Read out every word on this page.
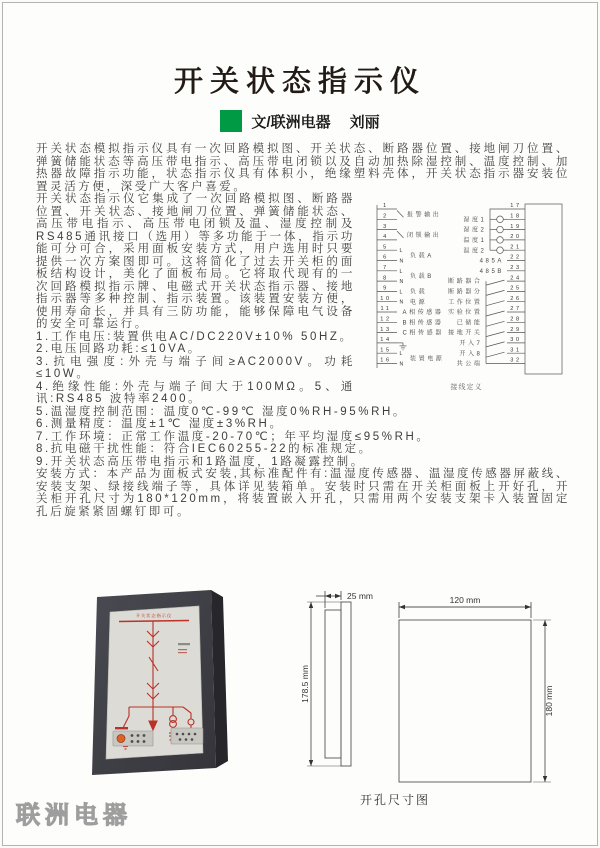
开关状态指示仪
文/联洲电器 刘丽

开关状态模拟指示仪具有一次回路模拟图、开关状态、断路器位置、接地闸刀位置、弹簧储能状态等高压带电指示、高压带电闭锁以及自动加热除湿控制、温度控制、加热器故障指示功能，状态指示仪具有体积小，绝缘塑料壳体，开关状态指示器安装位置灵活方便，深受广大客户喜爱。

1
2
3
4
5
6
7
8
9
10
11
12
13
14
15
16
L
N
L
N
L
N
L
N
报警输出
闭锁输出
负载A
负载B
负载
电源
A相传感器
B相传感器
C相传感器
装置电源
17
18
19
20
21
22
23
24
25
26
27
28
29
30
31
32
湿度1
湿度2
温度1
温度2
485A
485B
断路器合
断路器分
工作位置
实验位置
已储能
接地开关
开入7
开入8
共公端
接线定义

开关状态指示仪它集成了一次回路模拟图、断路器位置、开关状态、接地闸刀位置、弹簧储能状态、高压带电指示、高压带电闭锁及温、湿度控制及RS485通讯接口（选用）等多功能于一体，指示功能可分可合，采用面板安装方式，用户选用时只要提供一次方案图即可。这将简化了过去开关柜的面板结构设计，美化了面板布局。它将取代现有的一次回路模拟指示牌、电磁式开关状态指示器、接地指示器等多种控制、指示装置。该装置安装方便，使用寿命长，并具有三防功能，能够保障电气设备的安全可靠运行。

1.工作电压:装置供电AC/DC220V±10% 50HZ。

2.电压回路功耗:≤10VA。

3.抗电强度:外壳与端子间≥AC2000V。功耗≤10W。

4.绝缘性能:外壳与端子间大于100MΩ。5、通讯:RS485 波特率2400。

5.温湿度控制范围：温度0℃-99℃ 湿度0%RH-95%RH。

6.测量精度：温度±1℃ 湿度±3%RH。

7.工作环境：正常工作温度-20-70℃；年平均湿度≤95%RH。

8.抗电磁干扰性能：符合IEC60255-22的标准规定。

9.开关状态高压带电指示和1路温度，1路凝露控制。

安装方式：本产品为面板式安装,其标准配件有:温湿度传感器、温湿度传感器屏蔽线、安装支架、绿接线端子等，具体详见装箱单。安装时只需在开关柜面板上开好孔，开关柜开孔尺寸为180*120mm，将装置嵌入开孔，只需用两个安装支架卡入装置固定孔后旋紧紧固螺钉即可。

开关状态指示仪
25 mm
178.5 mm
120 mm
180 mm
开孔尺寸图
联洲电器
